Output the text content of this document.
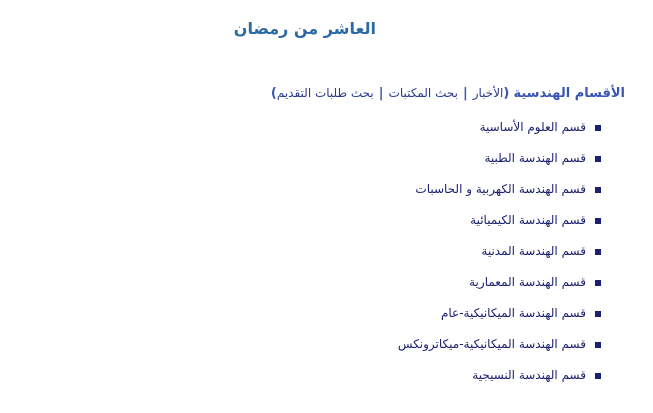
العاشر من رمضان
الأقسام الهندسية (الأخبار|بحث المكتبات|بحث طلبات التقديم)
قسم العلوم الأساسية
قسم الهندسة الطبية
قسم الهندسة الكهربية و الحاسبات
قسم الهندسة الكيميائية
قسم الهندسة المدنية
قسم الهندسة المعمارية
قسم الهندسة الميكانيكية-عام
قسم الهندسة الميكانيكية-ميكاترونكس
قسم الهندسة النسيجية
